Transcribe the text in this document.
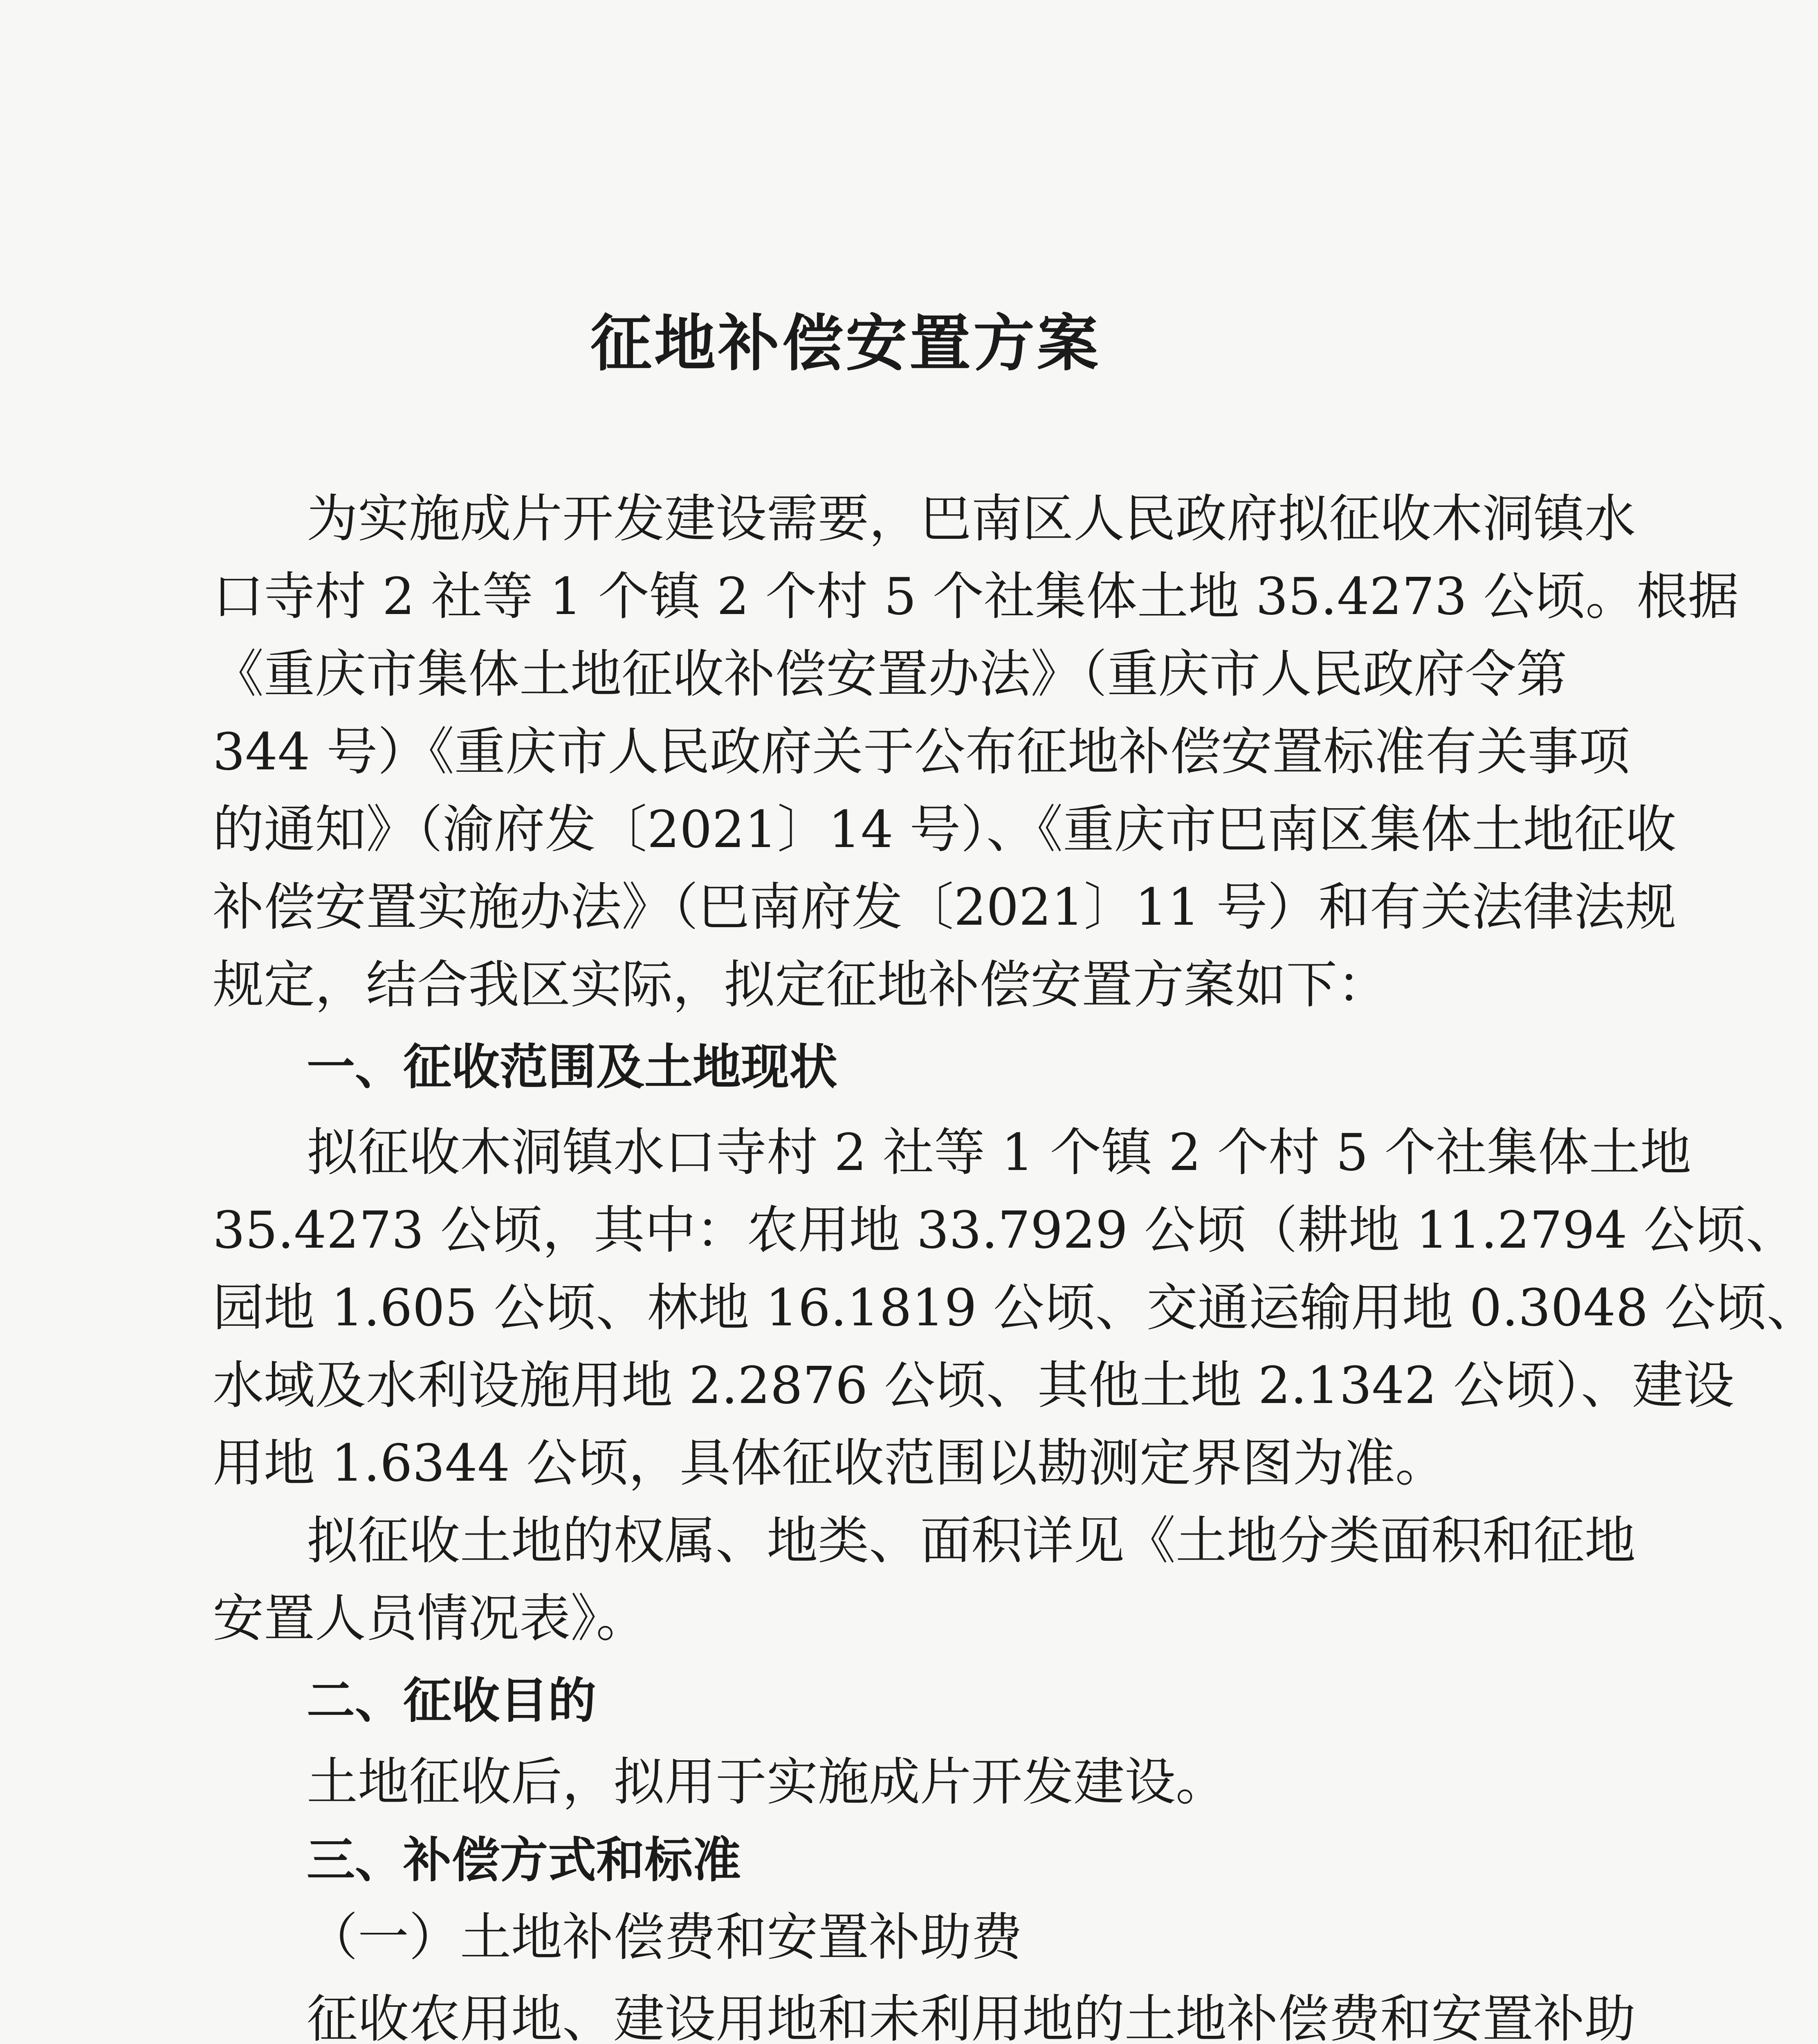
征地补偿安置方案
为实施成片开发建设需要，巴南区人民政府拟征收木洞镇水
口寺村 2 社等 1 个镇 2 个村 5 个社集体土地 35.4273 公顷。根据
《重庆市集体土地征收补偿安置办法》（重庆市人民政府令第
344 号）《重庆市人民政府关于公布征地补偿安置标准有关事项
的通知》（渝府发〔2021〕14 号）、《重庆市巴南区集体土地征收
补偿安置实施办法》（巴南府发〔2021〕11 号）和有关法律法规
规定，结合我区实际，拟定征地补偿安置方案如下：
一、征收范围及土地现状
拟征收木洞镇水口寺村 2 社等 1 个镇 2 个村 5 个社集体土地
35.4273 公顷，其中：农用地 33.7929 公顷（耕地 11.2794 公顷、
园地 1.605 公顷、林地 16.1819 公顷、交通运输用地 0.3048 公顷、
水域及水利设施用地 2.2876 公顷、其他土地 2.1342 公顷）、建设
用地 1.6344 公顷，具体征收范围以勘测定界图为准。
拟征收土地的权属、地类、面积详见《土地分类面积和征地
安置人员情况表》。
二、征收目的
土地征收后，拟用于实施成片开发建设。
三、补偿方式和标准
（一）土地补偿费和安置补助费
征收农用地、建设用地和未利用地的土地补偿费和安置补助
